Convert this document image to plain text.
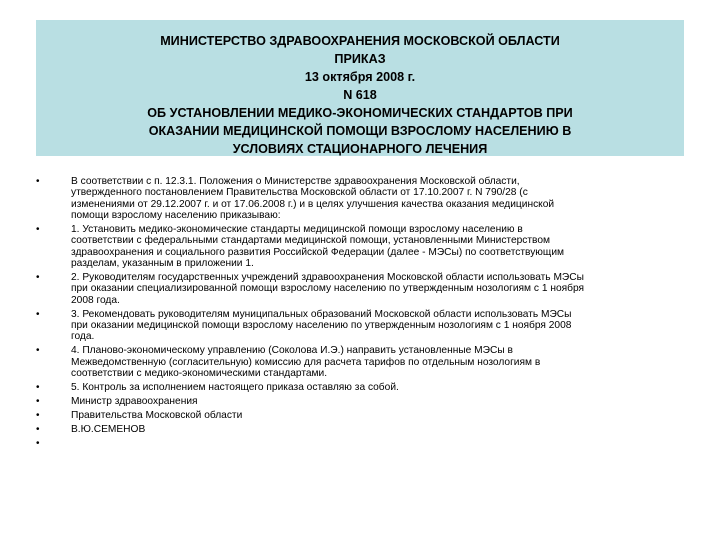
МИНИСТЕРСТВО ЗДРАВООХРАНЕНИЯ МОСКОВСКОЙ ОБЛАСТИ
ПРИКАЗ
13 октября 2008 г.
N 618
ОБ УСТАНОВЛЕНИИ МЕДИКО-ЭКОНОМИЧЕСКИХ СТАНДАРТОВ ПРИ
ОКАЗАНИИ МЕДИЦИНСКОЙ ПОМОЩИ ВЗРОСЛОМУ НАСЕЛЕНИЮ В
УСЛОВИЯХ СТАЦИОНАРНОГО ЛЕЧЕНИЯ
•	В соответствии с п. 12.3.1. Положения о Министерстве здравоохранения Московской области,
утвержденного постановлением Правительства Московской области от 17.10.2007 г. N 790/28 (с
изменениями от 29.12.2007 г. и от 17.06.2008 г.) и в целях улучшения качества оказания медицинской
помощи взрослому населению приказываю:
•	1. Установить медико-экономические стандарты медицинской помощи взрослому населению в
соответствии с федеральными стандартами медицинской помощи, установленными Министерством
здравоохранения и социального развития Российской Федерации (далее - МЭСы) по соответствующим
разделам, указанным в приложении 1.
•	2. Руководителям государственных учреждений здравоохранения Московской области использовать МЭСы
при оказании специализированной помощи взрослому населению по утвержденным нозологиям с 1 ноября
2008 года.
•	3. Рекомендовать руководителям муниципальных образований Московской области использовать МЭСы
при оказании медицинской помощи взрослому населению по утвержденным нозологиям с 1 ноября 2008
года.
•	4. Планово-экономическому управлению (Соколова И.Э.) направить установленные МЭСы в
Межведомственную (согласительную) комиссию для расчета тарифов по отдельным нозологиям в
соответствии с медико-экономическими стандартами.
•	5. Контроль за исполнением настоящего приказа оставляю за собой.
•	Министр здравоохранения
•	Правительства Московской области
•	В.Ю.СЕМЕНОВ
•
